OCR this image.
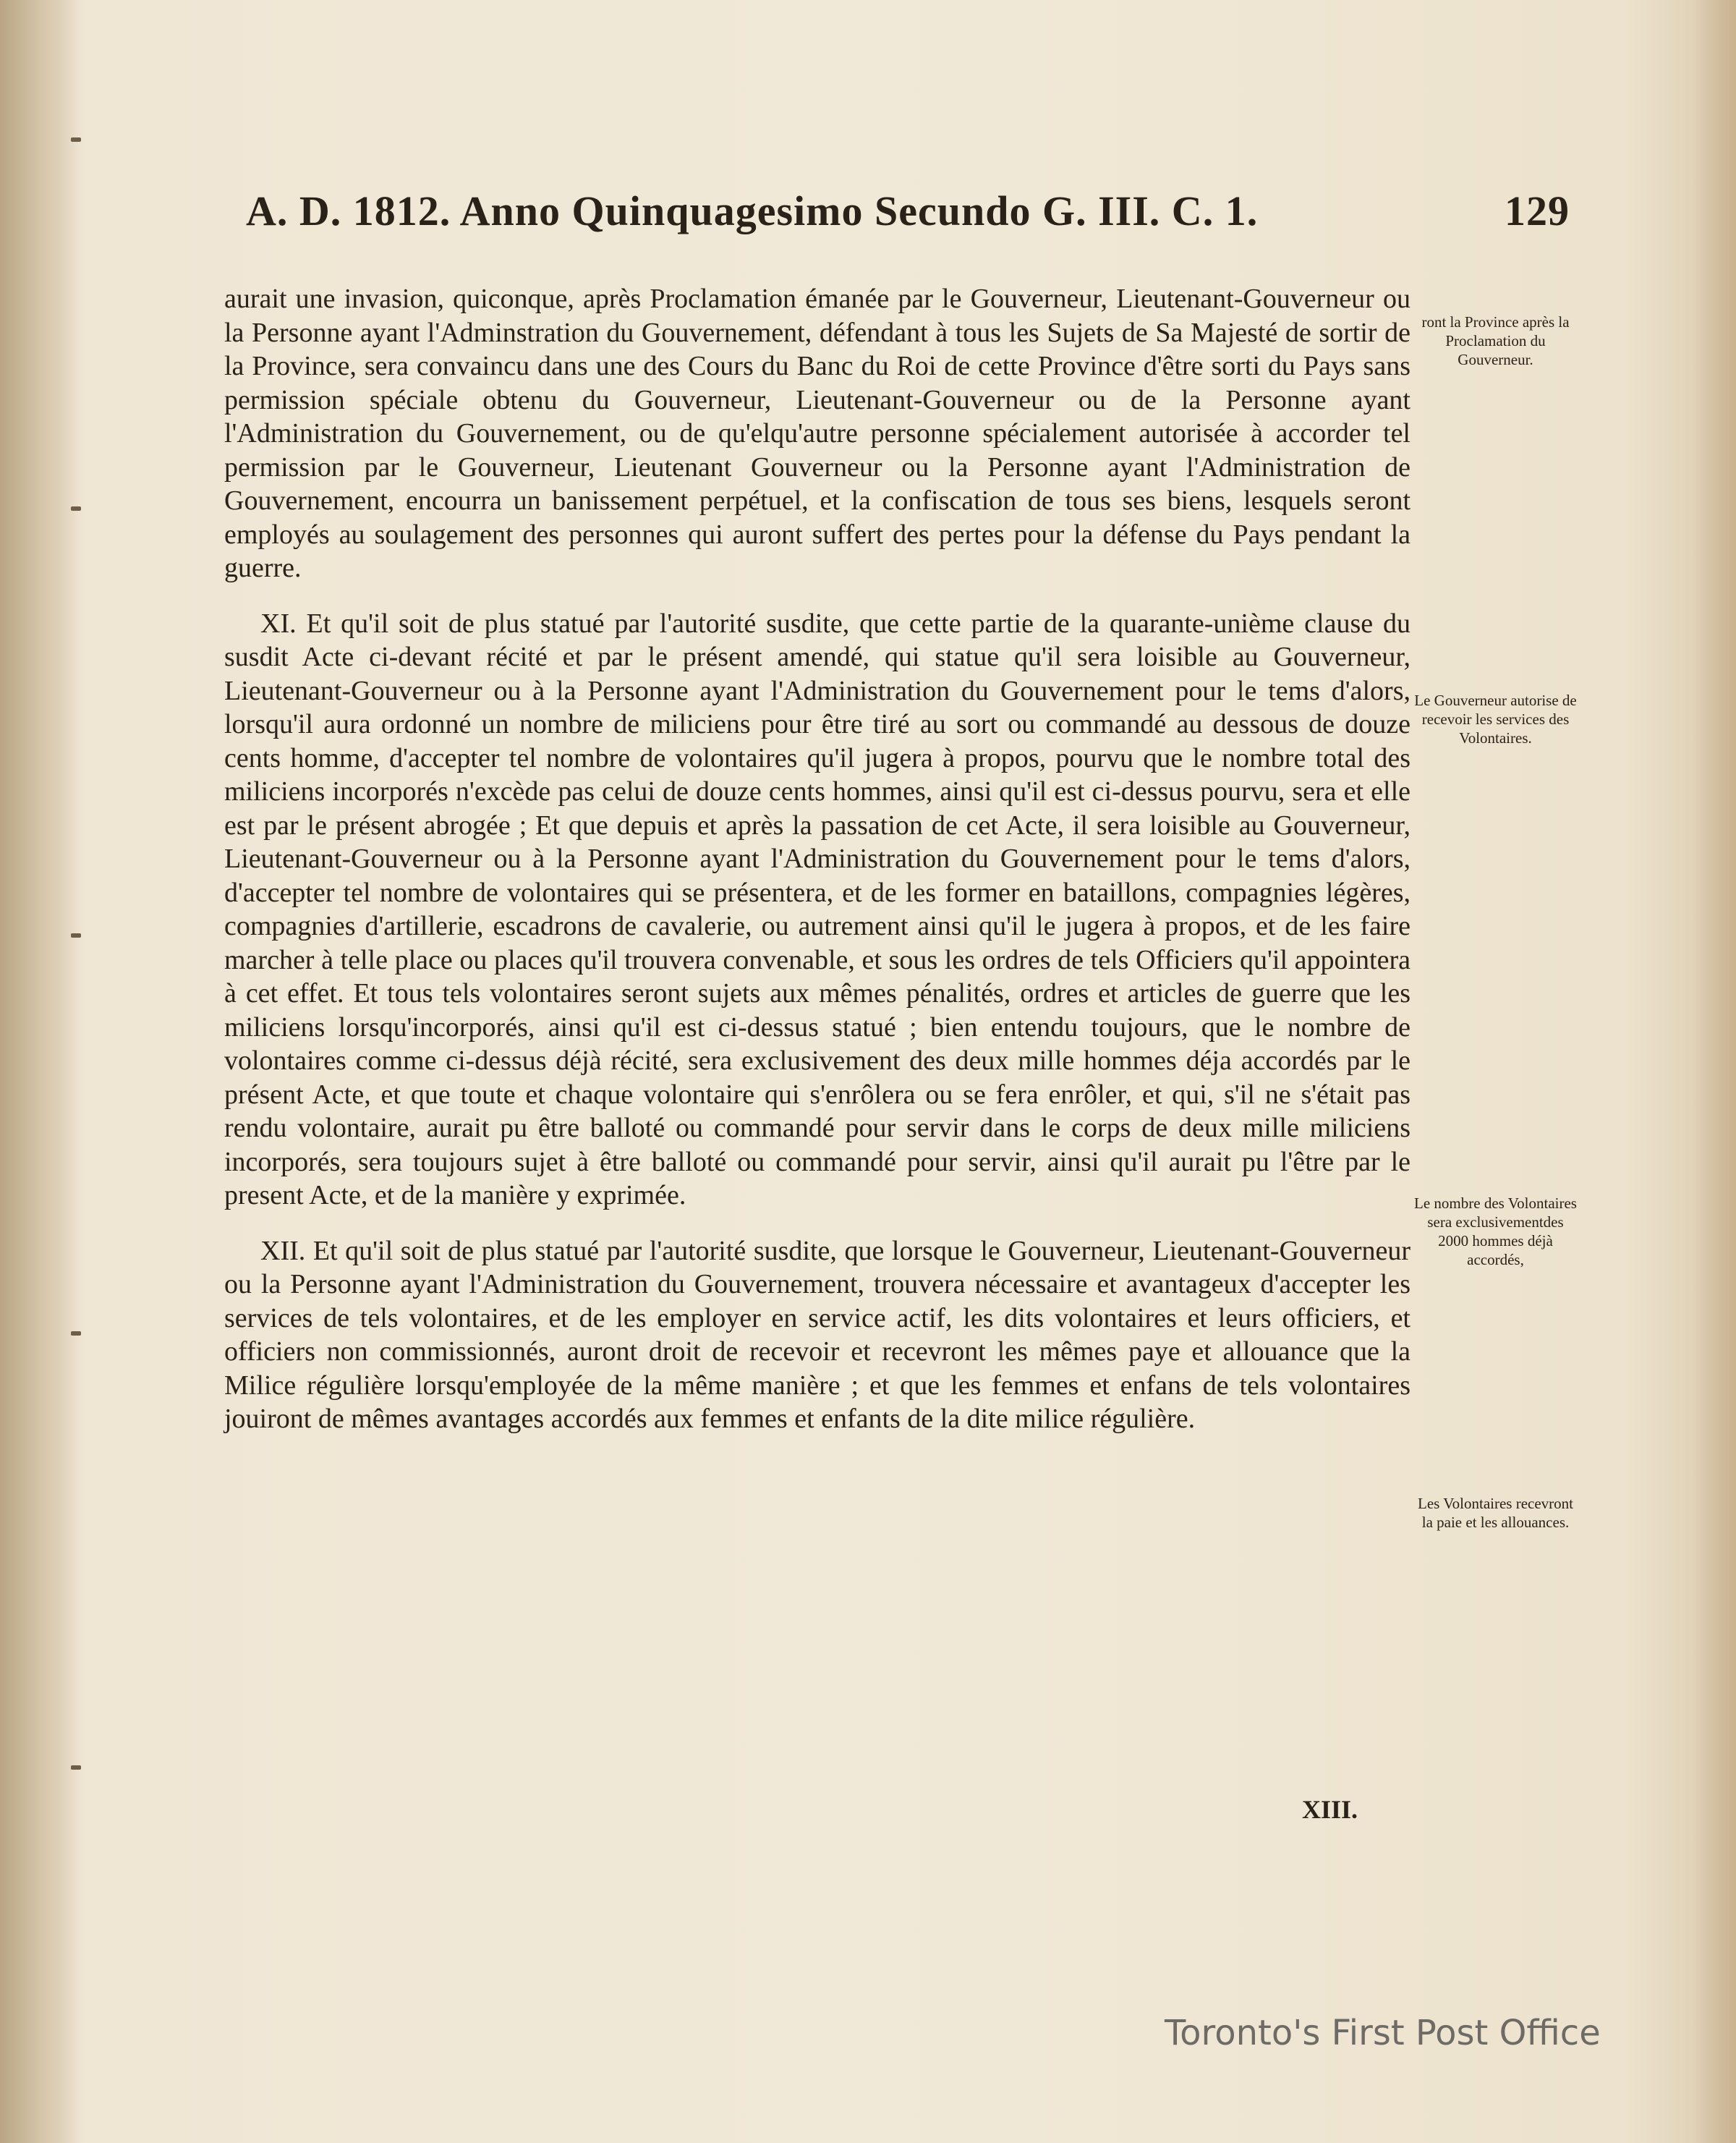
A. D. 1812. Anno Quinquagesimo Secundo G. III. C. 1.	129

aurait une invasion, quiconque, après Proclamation émanée par le Gouverneur, Lieutenant-Gouverneur ou la Personne ayant l'Adminstration du Gouvernement, défendant à tous les Sujets de Sa Majesté de sortir de la Province, sera convaincu dans une des Cours du Banc du Roi de cette Province d'être sorti du Pays sans permission spéciale obtenu du Gouverneur, Lieutenant-Gouverneur ou de la Personne ayant l'Administration du Gouvernement, ou de qu'elqu'autre personne spécialement autorisée à accorder tel permission par le Gouverneur, Lieutenant Gouverneur ou la Personne ayant l'Administration de Gouvernement, encourra un banissement perpétuel, et la confiscation de tous ses biens, lesquels seront employés au soulagement des personnes qui auront suffert des pertes pour la défense du Pays pendant la guerre.

XI. Et qu'il soit de plus statué par l'autorité susdite, que cette partie de la quarante-unième clause du susdit Acte ci-devant récité et par le présent amendé, qui statue qu'il sera loisible au Gouverneur, Lieutenant-Gouverneur ou à la Personne ayant l'Administration du Gouvernement pour le tems d'alors, lorsqu'il aura ordonné un nombre de miliciens pour être tiré au sort ou commandé au dessous de douze cents homme, d'accepter tel nombre de volontaires qu'il jugera à propos, pourvu que le nombre total des miliciens incorporés n'excède pas celui de douze cents hommes, ainsi qu'il est ci-dessus pourvu, sera et elle est par le présent abrogée ; Et que depuis et après la passation de cet Acte, il sera loisible au Gouverneur, Lieutenant-Gouverneur ou à la Personne ayant l'Administration du Gouvernement pour le tems d'alors, d'accepter tel nombre de volontaires qui se présentera, et de les former en bataillons, compagnies légères, compagnies d'artillerie, escadrons de cavalerie, ou autrement ainsi qu'il le jugera à propos, et de les faire marcher à telle place ou places qu'il trouvera convenable, et sous les ordres de tels Officiers qu'il appointera à cet effet. Et tous tels volontaires seront sujets aux mêmes pénalités, ordres et articles de guerre que les miliciens lorsqu'incorporés, ainsi qu'il est ci-dessus statué ; bien entendu toujours, que le nombre de volontaires comme ci-dessus déjà récité, sera exclusivement des deux mille hommes déja accordés par le présent Acte, et que toute et chaque volontaire qui s'enrôlera ou se fera enrôler, et qui, s'il ne s'était pas rendu volontaire, aurait pu être balloté ou commandé pour servir dans le corps de deux mille miliciens incorporés, sera toujours sujet à être balloté ou commandé pour servir, ainsi qu'il aurait pu l'être par le present Acte, et de la manière y exprimée.

XII. Et qu'il soit de plus statué par l'autorité susdite, que lorsque le Gouverneur, Lieutenant-Gouverneur ou la Personne ayant l'Administration du Gouvernement, trouvera nécessaire et avantageux d'accepter les services de tels volontaires, et de les employer en service actif, les dits volontaires et leurs officiers, et officiers non commissionnés, auront droit de recevoir et recevront les mêmes paye et allouance que la Milice régulière lorsqu'employée de la même manière ; et que les femmes et enfans de tels volontaires jouiront de mêmes avantages accordés aux femmes et enfants de la dite milice régulière.

XIII.
ront la Province après la Proclamation du Gouverneur.
Le Gouverneur autorise de recevoir les services des Volontaires.
Le nombre des Volontaires sera exclusivementdes 2000 hommes déjà accordés,
Les Volontaires recevront la paie et les allouances.
Toronto's First Post Office
